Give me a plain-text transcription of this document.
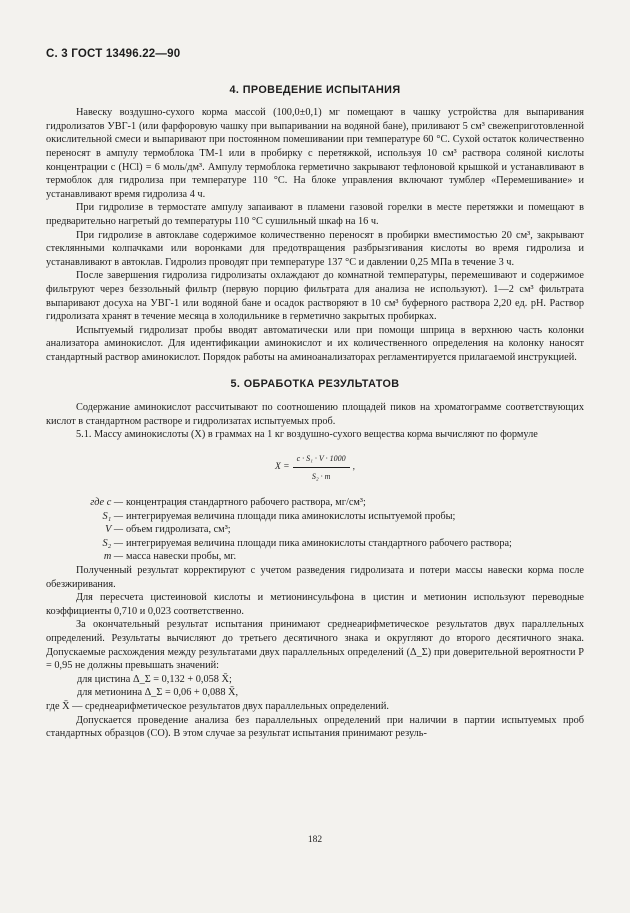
С. 3 ГОСТ 13496.22—90
4. ПРОВЕДЕНИЕ ИСПЫТАНИЯ

Навеску воздушно-сухого корма массой (100,0±0,1) мг помещают в чашку устройства для выпаривания гидролизатов УВГ-1 (или фарфоровую чашку при выпаривании на водяной бане), приливают 5 см³ свежеприготовленной окислительной смеси и выпаривают при постоянном помешивании при температуре 60 °С. Сухой остаток количественно переносят в ампулу термоблока ТМ-1 или в пробирку с перетяжкой, используя 10 см³ раствора соляной кислоты концентрации c (HCl) = 6 моль/дм³. Ампулу термоблока герметично закрывают тефлоновой крышкой и устанавливают в термоблок для гидролиза при температуре 110 °С. На блоке управления включают тумблер «Перемешивание» и устанавливают время гидролиза 4 ч.

При гидролизе в термостате ампулу запаивают в пламени газовой горелки в месте перетяжки и помещают в предварительно нагретый до температуры 110 °С сушильный шкаф на 16 ч.

При гидролизе в автоклаве содержимое количественно переносят в пробирки вместимостью 20 см³, закрывают стеклянными колпачками или воронками для предотвращения разбрызгивания кислоты во время гидролиза и устанавливают в автоклав. Гидролиз проводят при температуре 137 °С и давлении 0,25 МПа в течение 3 ч.

После завершения гидролиза гидролизаты охлаждают до комнатной температуры, перемешивают и содержимое фильтруют через беззольный фильтр (первую порцию фильтрата для анализа не используют). 1—2 см³ фильтрата выпаривают досуха на УВГ-1 или водяной бане и осадок растворяют в 10 см³ буферного раствора 2,20 ед. рН. Раствор гидролизата хранят в течение месяца в холодильнике в герметично закрытых пробирках.

Испытуемый гидролизат пробы вводят автоматически или при помощи шприца в верхнюю часть колонки анализатора аминокислот. Для идентификации аминокислот и их количественного определения на колонку наносят стандартный раствор аминокислот. Порядок работы на аминоанализаторах регламентируется прилагаемой инструкцией.

5. ОБРАБОТКА РЕЗУЛЬТАТОВ

Содержание аминокислот рассчитывают по соотношению площадей пиков на хроматограмме соответствующих кислот в стандартном растворе и гидролизатах испытуемых проб.

5.1. Массу аминокислоты (X) в граммах на 1 кг воздушно-сухого вещества корма вычисляют по формуле

$X = \frac{\text{c · S₁ · V · 1000}}{\text{S₂ · m}}$ ,
где c — концентрация стандартного рабочего раствора, мг/см³;
S₁ — интегрируемая величина площади пика аминокислоты испытуемой пробы;
V — объем гидролизата, см³;
S₂ — интегрируемая величина площади пика аминокислоты стандартного рабочего раствора;
m — масса навески пробы, мг.

Полученный результат корректируют с учетом разведения гидролизата и потери массы навески корма после обезжиривания.

Для пересчета цистеиновой кислоты и метионинсульфона в цистин и метионин используют переводные коэффициенты 0,710 и 0,023 соответственно.

За окончательный результат испытания принимают среднеарифметическое результатов двух параллельных определений. Результаты вычисляют до третьего десятичного знака и округляют до второго десятичного знака. Допускаемые расхождения между результатами двух параллельных определений (Δ_Σ) при доверительной вероятности P = 0,95 не должны превышать значений:

для цистина Δ_Σ = 0,132 + 0,058 X̄;
для метионина Δ_Σ = 0,06 + 0,088 X̄,
где X̄ — среднеарифметическое результатов двух параллельных определений.

Допускается проведение анализа без параллельных определений при наличии в партии испытуемых проб стандартных образцов (СО). В этом случае за результат испытания принимают резуль-

182
